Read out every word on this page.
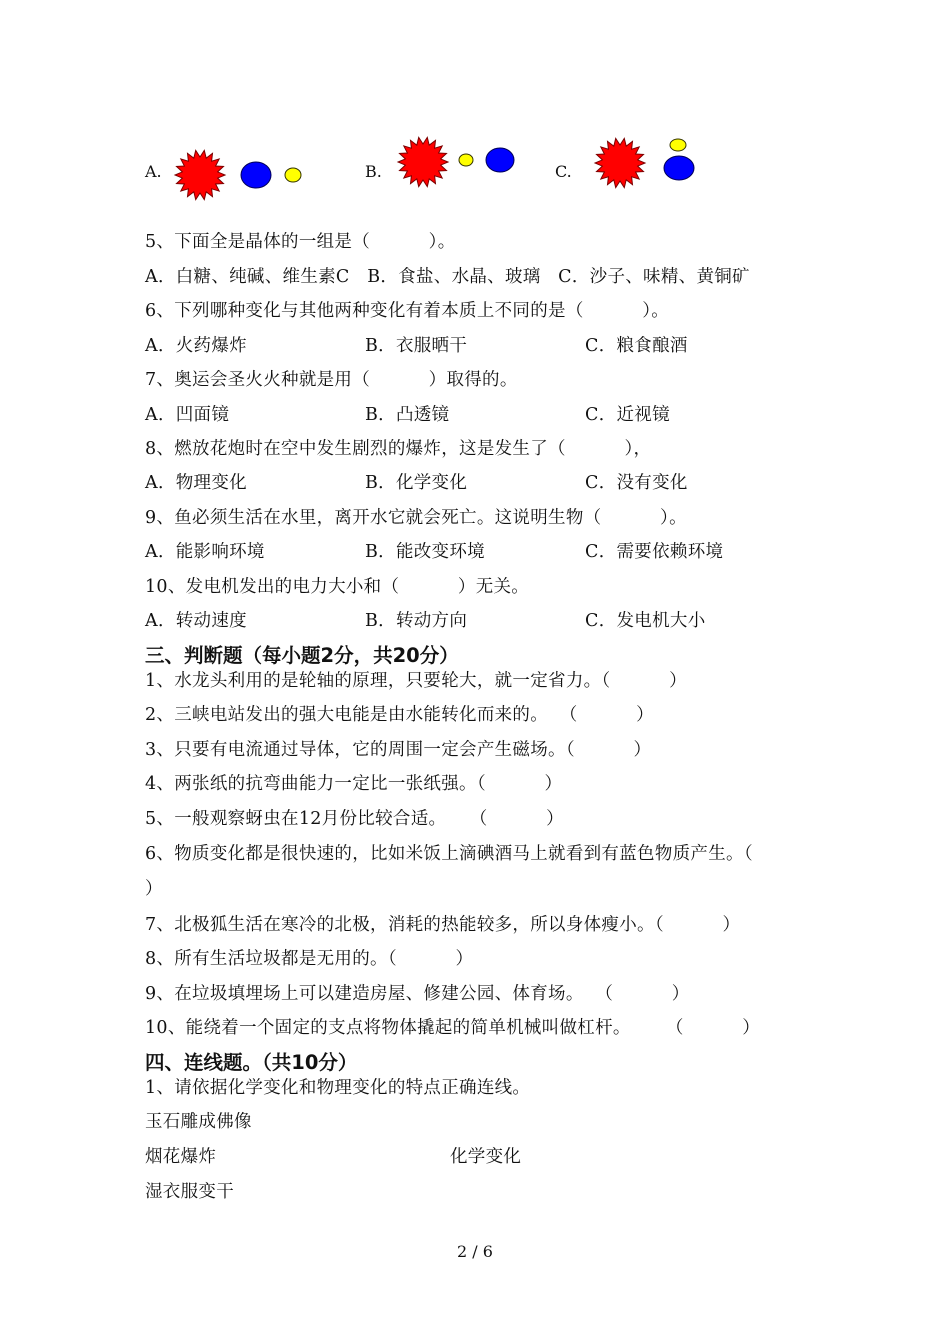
A.	B.	C.
5、下面全是晶体的一组是（          ）。
A．白糖、纯碱、维生素C   B．食盐、水晶、玻璃   C．沙子、味精、黄铜矿
6、下列哪种变化与其他两种变化有着本质上不同的是（          ）。
A．火药爆炸	B．衣服晒干	C．粮食酿酒
7、奥运会圣火火种就是用（          ）取得的。
A．凹面镜	B．凸透镜	C．近视镜
8、燃放花炮时在空中发生剧烈的爆炸，这是发生了（          ），
A．物理变化	B．化学变化	C．没有变化
9、鱼必须生活在水里，离开水它就会死亡。这说明生物（          ）。
A．能影响环境	B．能改变环境	C．需要依赖环境
10、发电机发出的电力大小和（          ）无关。
A．转动速度	B．转动方向	C．发电机大小
三、判断题（每小题2分，共20分）
1、水龙头利用的是轮轴的原理，只要轮大，就一定省力。（          ）
2、三峡电站发出的强大电能是由水能转化而来的。  （          ）
3、只要有电流通过导体，它的周围一定会产生磁场。（          ）
4、两张纸的抗弯曲能力一定比一张纸强。（          ）
5、一般观察蚜虫在12月份比较合适。    （          ）
6、物质变化都是很快速的，比如米饭上滴碘酒马上就看到有蓝色物质产生。（
）
7、北极狐生活在寒冷的北极，消耗的热能较多，所以身体瘦小。（          ）
8、所有生活垃圾都是无用的。（          ）
9、在垃圾填埋场上可以建造房屋、修建公园、体育场。  （          ）
10、能绕着一个固定的支点将物体撬起的简单机械叫做杠杆。      （          ）
四、连线题。（共10分）
1、请依据化学变化和物理变化的特点正确连线。
玉石雕成佛像
烟花爆炸	化学变化
湿衣服变干
2 / 6
